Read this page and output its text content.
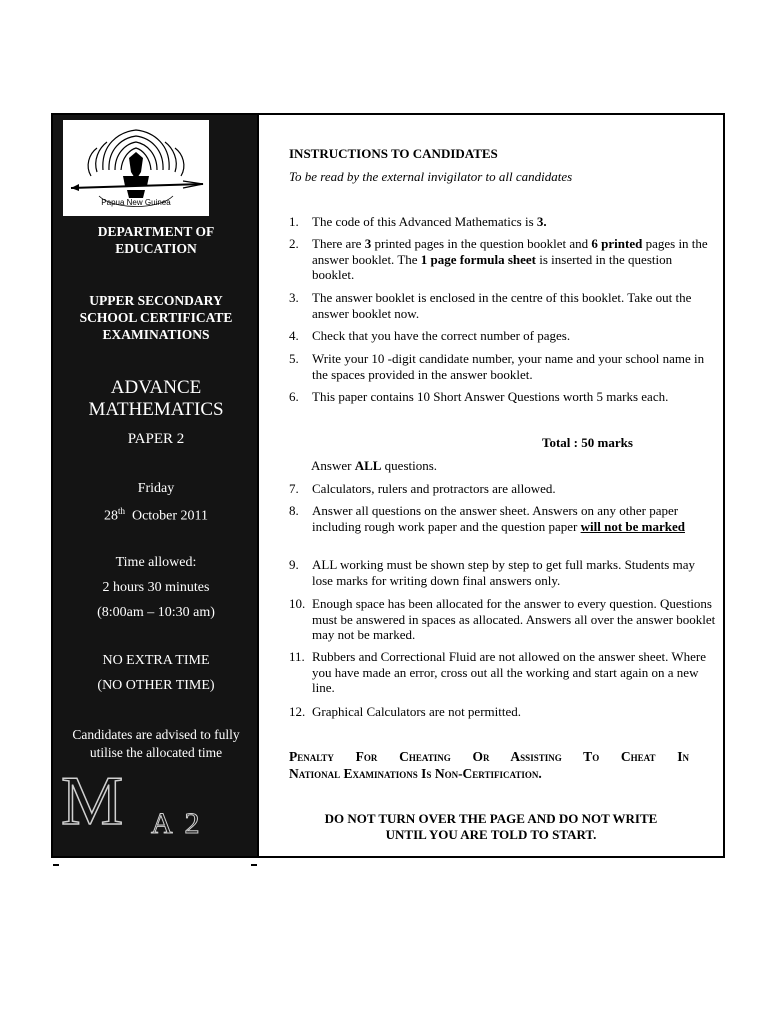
Papua New Guinea
DEPARTMENT OF
EDUCATION
UPPER SECONDARY
SCHOOL CERTIFICATE
EXAMINATIONS
ADVANCE
MATHEMATICS
PAPER 2
Friday
28th October 2011
Time allowed:
2 hours 30 minutes
(8:00am – 10:30 am)
NO EXTRA TIME
(NO OTHER TIME)
Candidates are advised to fully
utilise the allocated time
M A 2
INSTRUCTIONS TO CANDIDATES
To be read by the external invigilator to all candidates
1.	The code of this Advanced Mathematics is 3.
2.	There are 3 printed pages in the question booklet and 6 printed pages in the answer booklet. The 1 page formula sheet is inserted in the question booklet.
3.	The answer booklet is enclosed in the centre of this booklet. Take out the answer booklet now.
4.	Check that you have the correct number of pages.
5.	Write your 10 -digit candidate number, your name and your school name in the spaces provided in the answer booklet.
6.	This paper contains 10 Short Answer Questions worth 5 marks each.
Total : 50 marks
Answer ALL questions.
7.	Calculators, rulers and protractors are allowed.
8.	Answer all questions on the answer sheet. Answers on any other paper including rough work paper and the question paper will not be marked
9.	ALL working must be shown step by step to get full marks. Students may lose marks for writing down final answers only.
10. Enough space has been allocated for the answer to every question. Questions must be answered in spaces as allocated. Answers all over the answer booklet may not be marked.
11. Rubbers and Correctional Fluid are not allowed on the answer sheet. Where you have made an error, cross out all the working and start again on a new line.
12. Graphical Calculators are not permitted.
Penalty For Cheating Or Assisting To Cheat In
National Examinations Is Non-Certification.
DO NOT TURN OVER THE PAGE AND DO NOT WRITE
UNTIL YOU ARE TOLD TO START.
